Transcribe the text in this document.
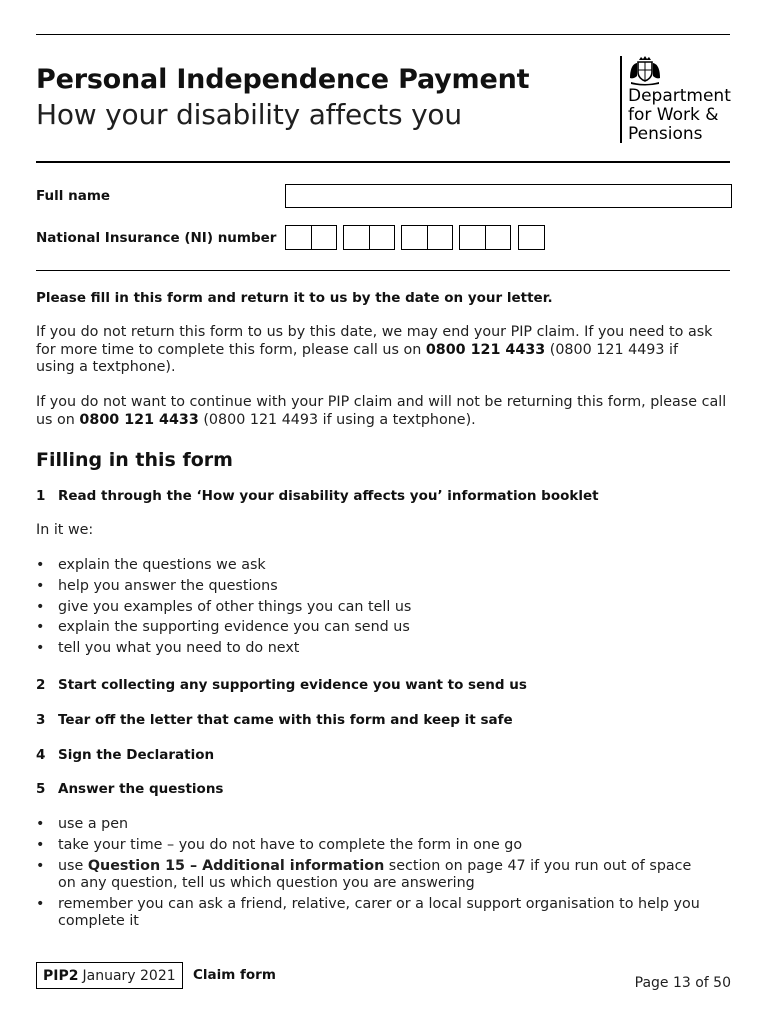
Personal Independence Payment
How your disability affects you
Department
for Work &
Pensions
Full name
National Insurance (NI) number
Please fill in this form and return it to us by the date on your letter.
If you do not return this form to us by this date, we may end your PIP claim. If you need to ask for more time to complete this form, please call us on 0800 121 4433 (0800 121 4493 if using a textphone).
If you do not want to continue with your PIP claim and will not be returning this form, please call us on 0800 121 4433 (0800 121 4493 if using a textphone).
Filling in this form
1 Read through the ‘How your disability affects you’ information booklet
In it we:
• explain the questions we ask
• help you answer the questions
• give you examples of other things you can tell us
• explain the supporting evidence you can send us
• tell you what you need to do next
2 Start collecting any supporting evidence you want to send us
3 Tear off the letter that came with this form and keep it safe
4 Sign the Declaration
5 Answer the questions
• use a pen
• take your time – you do not have to complete the form in one go
• use Question 15 – Additional information section on page 47 if you run out of space on any question, tell us which question you are answering
• remember you can ask a friend, relative, carer or a local support organisation to help you complete it
PIP2 January 2021 Claim form	Page 13 of 50
